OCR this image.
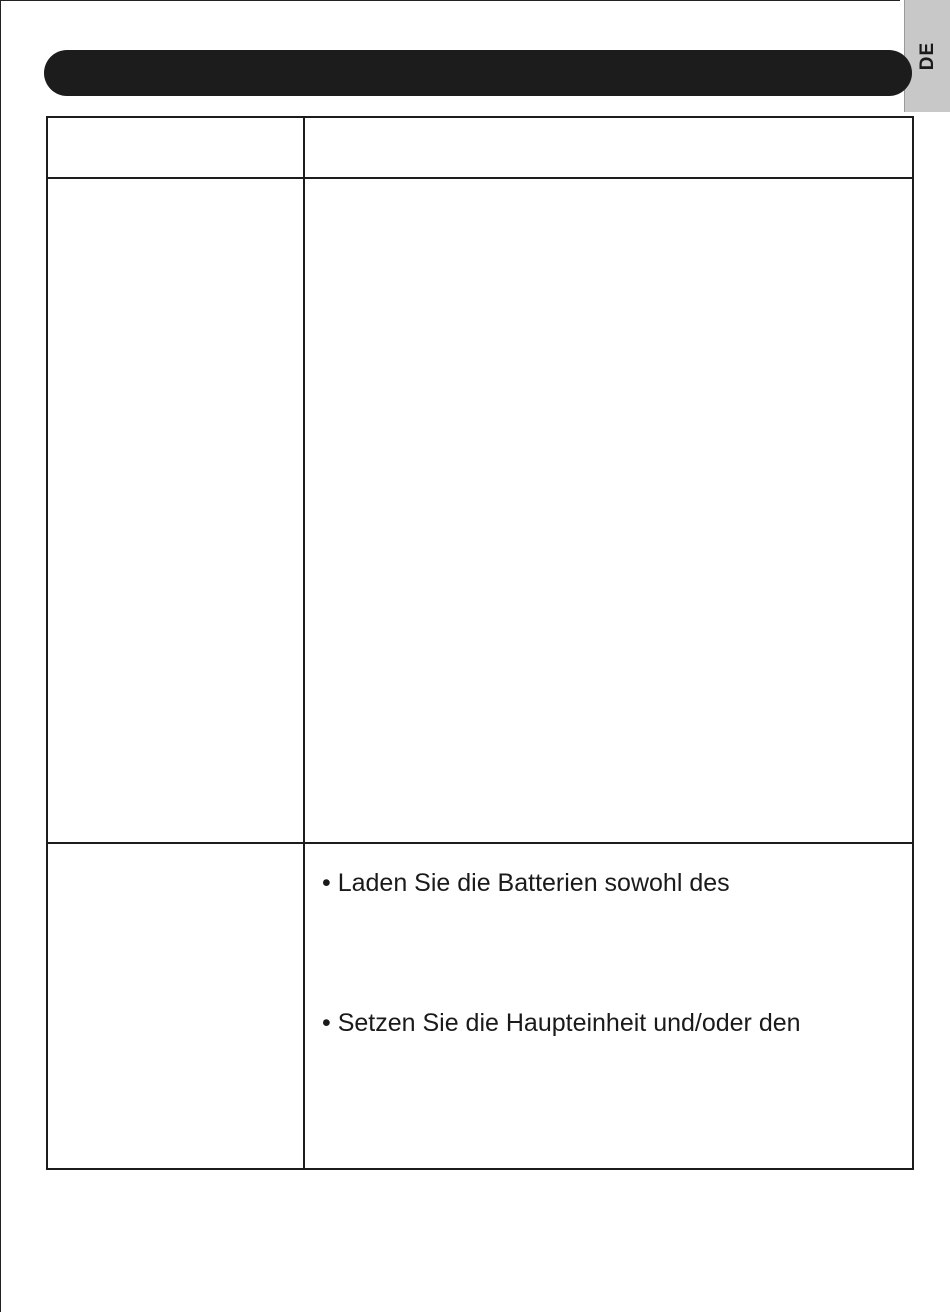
DE
• Laden Sie die Batterien sowohl des
• Setzen Sie die Haupteinheit und/oder den
